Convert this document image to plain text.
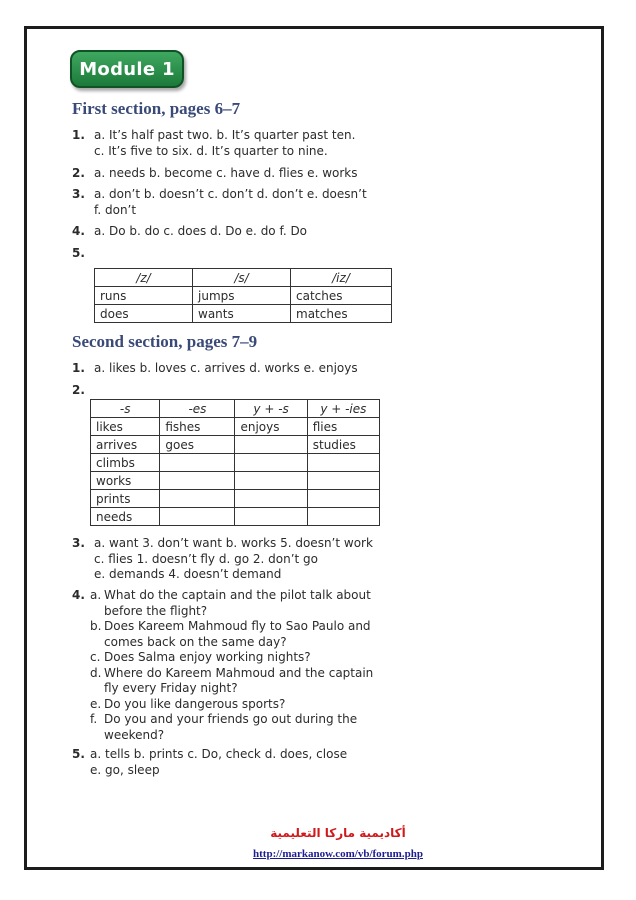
Module 1
First section, pages 6–7
1. a. It’s half past two. b. It’s quarter past ten.
c. It’s five to six. d. It’s quarter to nine.
2. a. needs b. become c. have d. flies e. works
3. a. don’t b. doesn’t c. don’t d. don’t e. doesn’t
f. don’t
4. a. Do b. do c. does d. Do e. do f. Do
5.
/z/	/s/	/iz/
runs	jumps	catches
does	wants	matches
Second section, pages 7–9
1. a. likes b. loves c. arrives d. works e. enjoys
2.
-s	-es	y + -s	y + -ies
likes	fishes	enjoys	flies
arrives	goes		studies
climbs			
works			
prints			
needs			
3. a. want 3. don’t want b. works 5. doesn’t work
c. flies 1. doesn’t fly d. go 2. don’t go
e. demands 4. doesn’t demand
4. a. What do the captain and the pilot talk about
before the flight?
b. Does Kareem Mahmoud fly to Sao Paulo and
comes back on the same day?
c. Does Salma enjoy working nights?
d. Where do Kareem Mahmoud and the captain
fly every Friday night?
e. Do you like dangerous sports?
f. Do you and your friends go out during the
weekend?
5. a. tells b. prints c. Do, check d. does, close
e. go, sleep
أكاديمية ماركا التعليمية
http://markanow.com/vb/forum.php
